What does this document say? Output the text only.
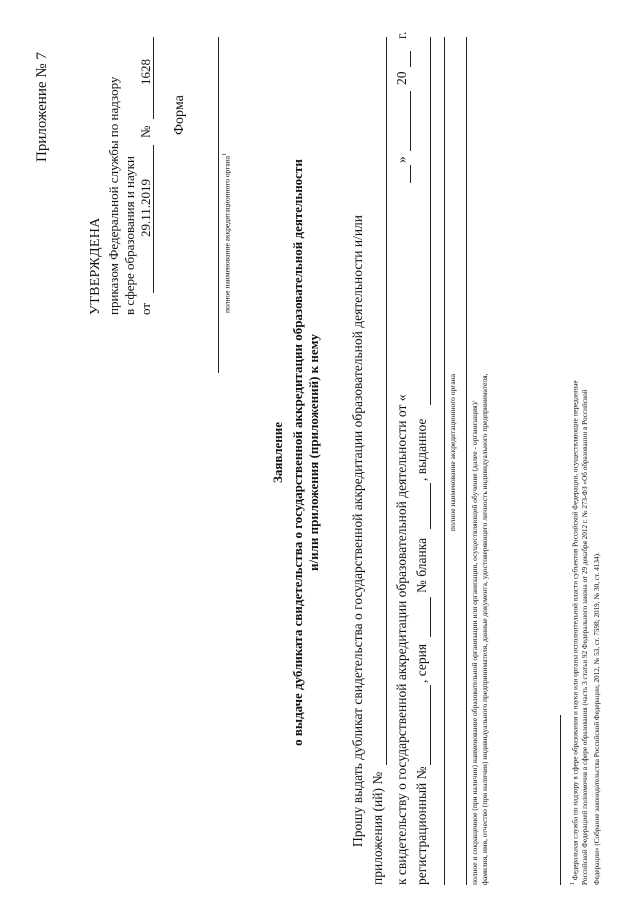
Приложение № 7
УТВЕРЖДЕНА приказом Федеральной службы по надзору в сфере образования и науки от
29.11.2019
№
1628
Форма
полное наименование аккредитационного органа$^1$
Заявление о выдаче дубликата свидетельства о государственной аккредитации образовательной деятельности и/или приложения (приложений) к нему Прошу выдать дубликат свидетельства о государственной аккредитации образовательной деятельности и/или приложения (ий) № к свидетельству о государственной аккредитации образовательной деятельности от «
»
20
г.
регистрационный №
, серия
№ бланка
, выданное	полное наименование аккредитационного органа полное и сокращенное (при наличии) наименование образовательной организации или организации, осуществляющей обучение (далее - организация)/ фамилия, имя, отчество (при наличии) индивидуального предпринимателя, данные документа, удостоверяющего личность индивидуального предпринимателя,	$^1$ Федеральная служба по надзору в сфере образования и науки или органы исполнительной власти субъектов Российской Федерации, осуществляющие переданные Российской Федерацией полномочия в сфере образования (часть 3 статьи 92 Федерального закона от 29 декабря 2012 г. № 273-ФЗ «Об образовании в Российской Федерации» (Собрание законодательства Российской Федерации, 2012, № 53, ст. 7598; 2019, № 30, ст. 4134).
